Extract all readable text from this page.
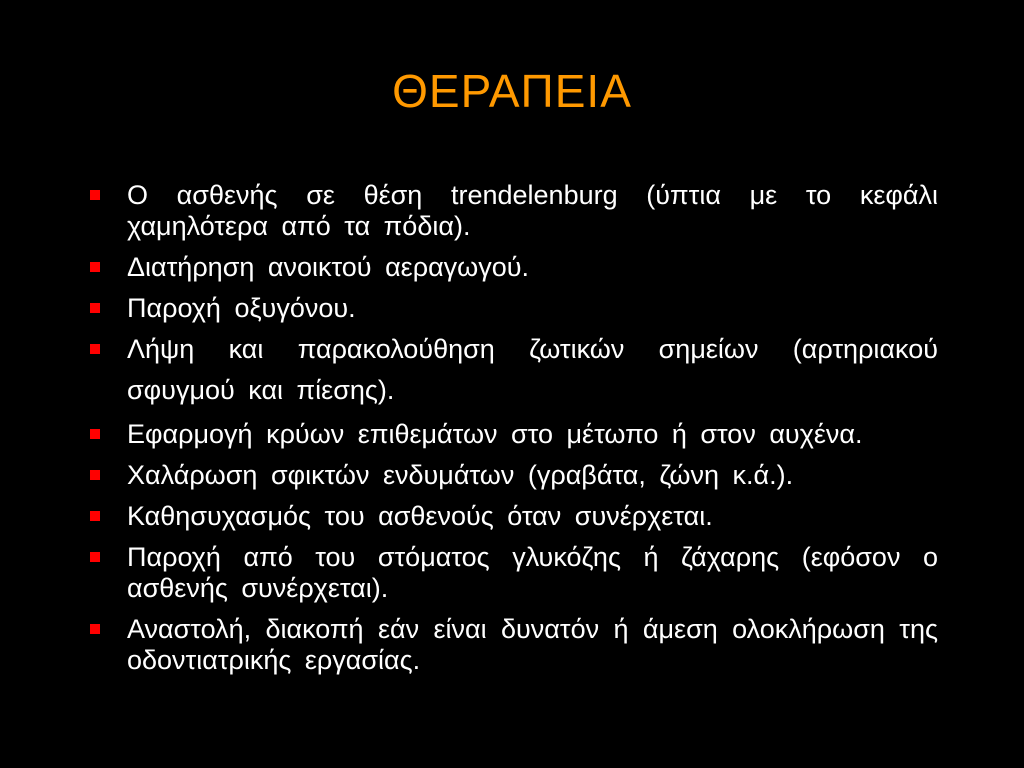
ΘΕΡΑΠΕΙΑ
Ο ασθενής σε θέση trendelenburg (ύπτια με το κεφάλι χαμηλότερα από τα πόδια).
Διατήρηση ανοικτού αεραγωγού.
Παροχή οξυγόνου.
Λήψη και παρακολούθηση ζωτικών σημείων (αρτηριακού σφυγμού και πίεσης).
Εφαρμογή κρύων επιθεμάτων στο μέτωπο ή στον αυχένα.
Χαλάρωση σφικτών ενδυμάτων (γραβάτα, ζώνη κ.ά.).
Καθησυχασμός του ασθενούς όταν συνέρχεται.
Παροχή από του στόματος γλυκόζης ή ζάχαρης (εφόσον ο ασθενής συνέρχεται).
Αναστολή, διακοπή εάν είναι δυνατόν ή άμεση ολοκλήρωση της οδοντιατρικής εργασίας.
